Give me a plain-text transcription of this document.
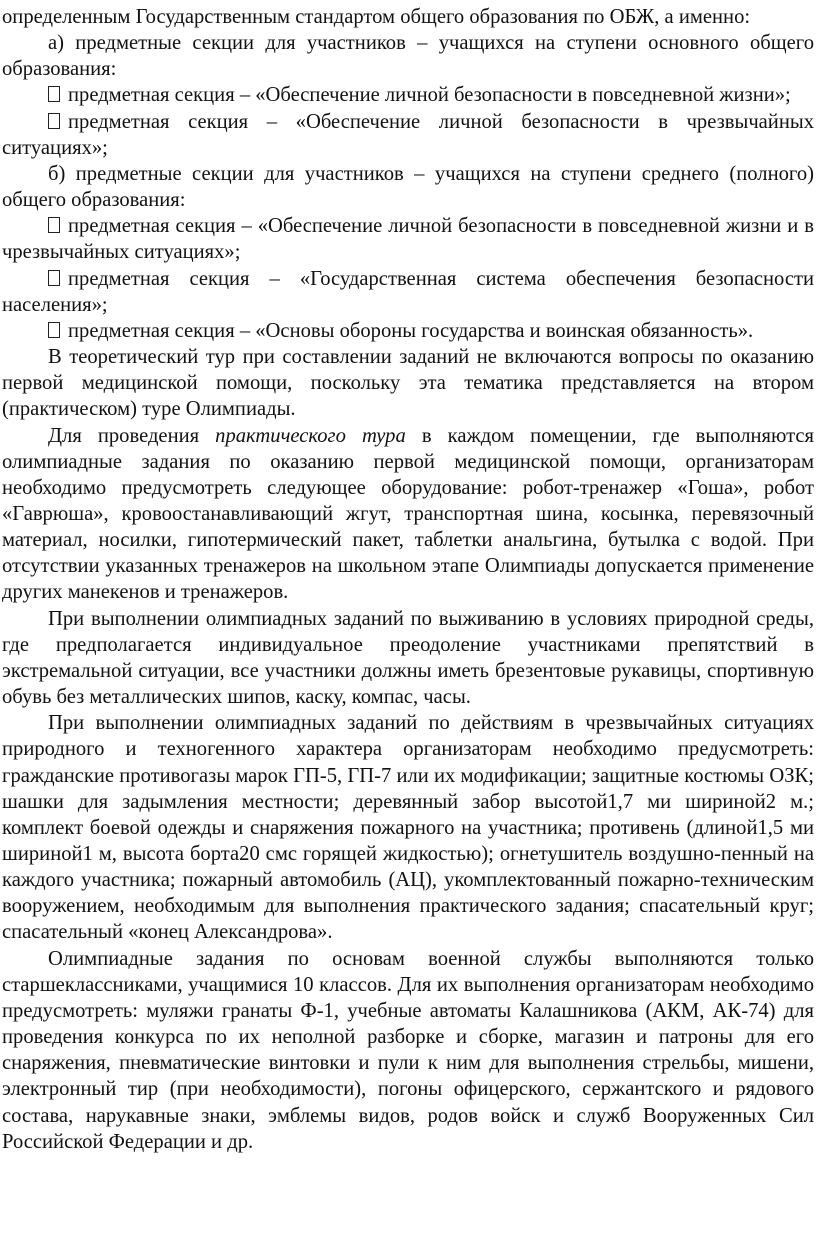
определенным Государственным стандартом общего образования по ОБЖ, а именно:

а) предметные секции для участников – учащихся на ступени основного общего образования:

предметная секция – «Обеспечение личной безопасности в повседневной жизни»;

предметная секция – «Обеспечение личной безопасности в чрезвычайных ситуациях»;

б) предметные секции для участников – учащихся на ступени среднего (полного) общего образования:

предметная секция – «Обеспечение личной безопасности в повседневной жизни и в чрезвычайных ситуациях»;

предметная секция – «Государственная система обеспечения безопасности населения»;

предметная секция – «Основы обороны государства и воинская обязанность».

В теоретический тур при составлении заданий не включаются вопросы по оказанию первой медицинской помощи, поскольку эта тематика представляется на втором (практическом) туре Олимпиады.

Для проведения практического тура в каждом помещении, где выполняются олимпиадные задания по оказанию первой медицинской помощи, организаторам необходимо предусмотреть следующее оборудование: робот-тренажер «Гоша», робот «Гаврюша», кровоостанавливающий жгут, транспортная шина, косынка, перевязочный материал, носилки, гипотермический пакет, таблетки анальгина, бутылка с водой. При отсутствии указанных тренажеров на школьном этапе Олимпиады допускается применение других манекенов и тренажеров.

При выполнении олимпиадных заданий по выживанию в условиях природной среды, где предполагается индивидуальное преодоление участниками препятствий в экстремальной ситуации, все участники должны иметь брезентовые рукавицы, спортивную обувь без металлических шипов, каску, компас, часы.

При выполнении олимпиадных заданий по действиям в чрезвычайных ситуациях природного и техногенного характера организаторам необходимо предусмотреть: гражданские противогазы марок ГП-5, ГП-7 или их модификации; защитные костюмы ОЗК; шашки для задымления местности; деревянный забор высотой1,7 ми шириной2 м.; комплект боевой одежды и снаряжения пожарного на участника; противень (длиной1,5 ми шириной1 м, высота борта20 смс горящей жидкостью); огнетушитель воздушно-пенный на каждого участника; пожарный автомобиль (АЦ), укомплектованный пожарно-техническим вооружением, необходимым для выполнения практического задания; спасательный круг; спасательный «конец Александрова».

Олимпиадные задания по основам военной службы выполняются только старшеклассниками, учащимися 10 классов. Для их выполнения организаторам необходимо предусмотреть: муляжи гранаты Ф-1, учебные автоматы Калашникова (АКМ, АК-74) для проведения конкурса по их неполной разборке и сборке, магазин и патроны для его снаряжения, пневматические винтовки и пули к ним для выполнения стрельбы, мишени, электронный тир (при необходимости), погоны офицерского, сержантского и рядового состава, нарукавные знаки, эмблемы видов, родов войск и служб Вооруженных Сил Российской Федерации и др.
